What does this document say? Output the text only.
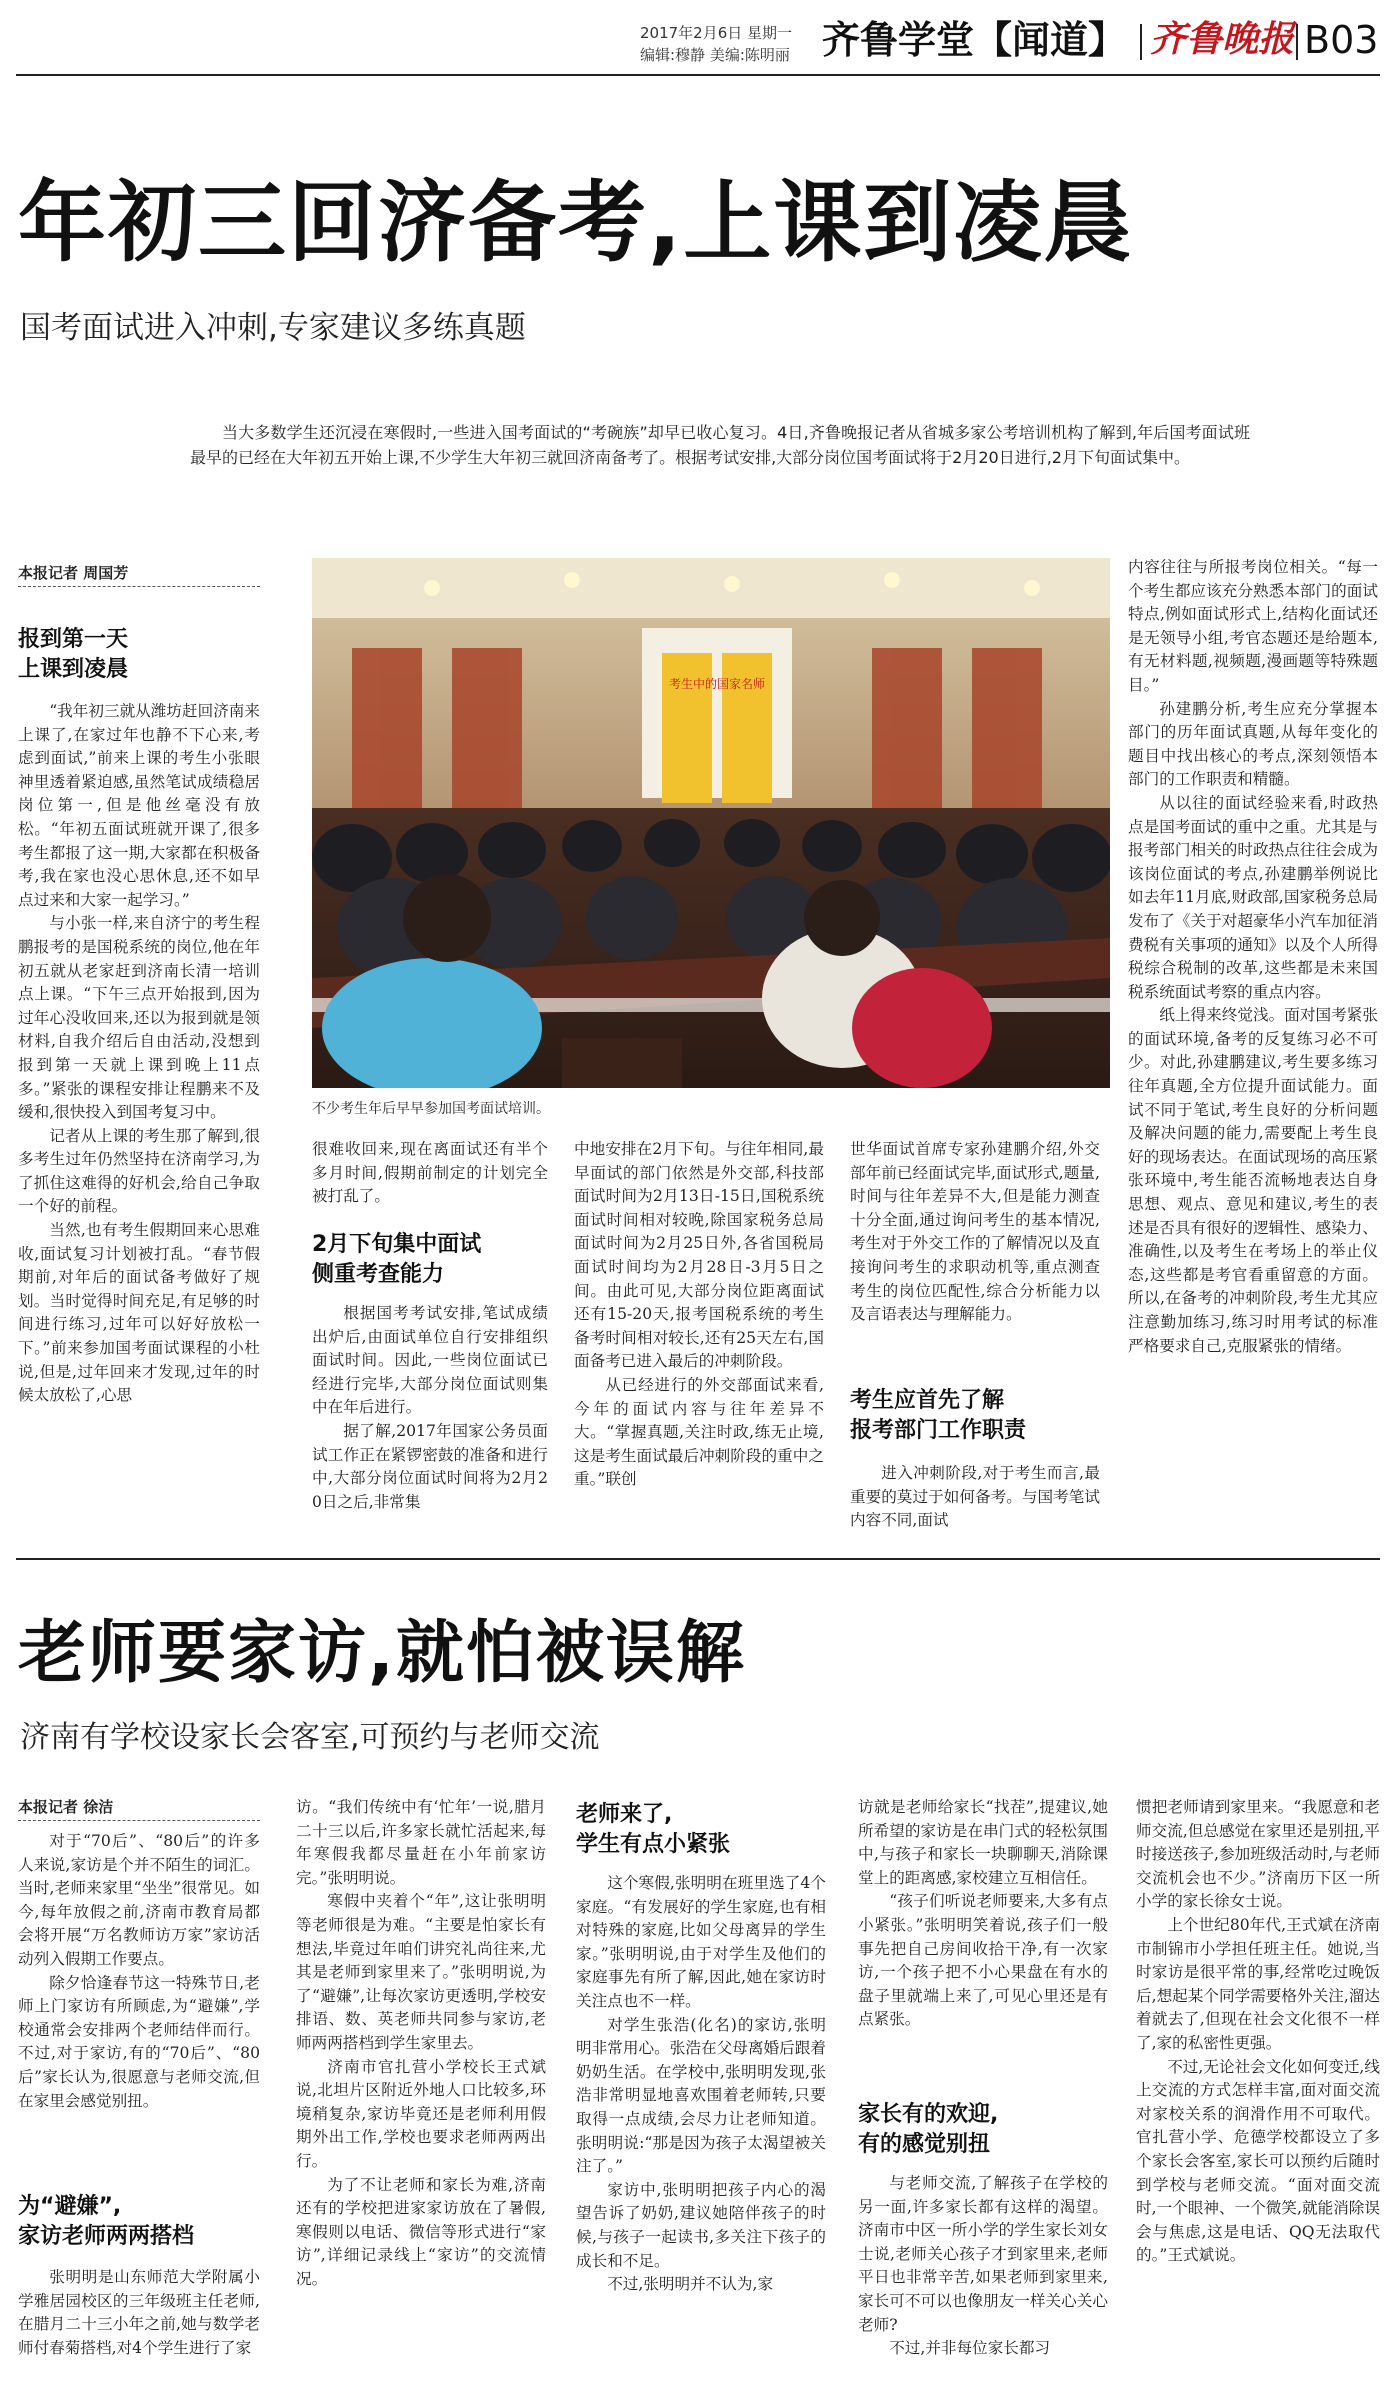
2017年2月6日 星期一
编辑:穆静 美编:陈明丽 齐鲁学堂【闻道】 齐鲁晚报 B03
年初三回济备考,上课到凌晨
国考面试进入冲刺,专家建议多练真题
当大多数学生还沉浸在寒假时,一些进入国考面试的“考碗族”却早已收心复习。4日,齐鲁晚报记者从省城多家公考培训机构了解到,年后国考面试班最早的已经在大年初五开始上课,不少学生大年初三就回济南备考了。根据考试安排,大部分岗位国考面试将于2月20日进行,2月下旬面试集中。
本报记者 周国芳
考生中的国家名师
不少考生年后早早参加国考面试培训。
报到第一天
上课到凌晨

“我年初三就从潍坊赶回济南来上课了,在家过年也静不下心来,考虑到面试,”前来上课的考生小张眼神里透着紧迫感,虽然笔试成绩稳居岗位第一,但是他丝毫没有放松。“年初五面试班就开课了,很多考生都报了这一期,大家都在积极备考,我在家也没心思休息,还不如早点过来和大家一起学习。”

与小张一样,来自济宁的考生程鹏报考的是国税系统的岗位,他在年初五就从老家赶到济南长清一培训点上课。“下午三点开始报到,因为过年心没收回来,还以为报到就是领材料,自我介绍后自由活动,没想到报到第一天就上课到晚上11点多。”紧张的课程安排让程鹏来不及缓和,很快投入到国考复习中。

记者从上课的考生那了解到,很多考生过年仍然坚持在济南学习,为了抓住这难得的好机会,给自己争取一个好的前程。

当然,也有考生假期回来心思难收,面试复习计划被打乱。“春节假期前,对年后的面试备考做好了规划。当时觉得时间充足,有足够的时间进行练习,过年可以好好放松一下。”前来参加国考面试课程的小杜说,但是,过年回来才发现,过年的时候太放松了,心思

很难收回来,现在离面试还有半个多月时间,假期前制定的计划完全被打乱了。

2月下旬集中面试
侧重考查能力

根据国考考试安排,笔试成绩出炉后,由面试单位自行安排组织面试时间。因此,一些岗位面试已经进行完毕,大部分岗位面试则集中在年后进行。

据了解,2017年国家公务员面试工作正在紧锣密鼓的准备和进行中,大部分岗位面试时间将为2月20日之后,非常集

中地安排在2月下旬。与往年相同,最早面试的部门依然是外交部,科技部面试时间为2月13日-15日,国税系统面试时间相对较晚,除国家税务总局面试时间为2月25日外,各省国税局面试时间均为2月28日-3月5日之间。由此可见,大部分岗位距离面试还有15-20天,报考国税系统的考生备考时间相对较长,还有25天左右,国面备考已进入最后的冲刺阶段。

从已经进行的外交部面试来看,今年的面试内容与往年差异不大。“掌握真题,关注时政,练无止境,这是考生面试最后冲刺阶段的重中之重。”联创

世华面试首席专家孙建鹏介绍,外交部年前已经面试完毕,面试形式,题量,时间与往年差异不大,但是能力测查十分全面,通过询问考生的基本情况,考生对于外交工作的了解情况以及直接询问考生的求职动机等,重点测查考生的岗位匹配性,综合分析能力以及言语表达与理解能力。

考生应首先了解
报考部门工作职责

进入冲刺阶段,对于考生而言,最重要的莫过于如何备考。与国考笔试内容不同,面试

内容往往与所报考岗位相关。“每一个考生都应该充分熟悉本部门的面试特点,例如面试形式上,结构化面试还是无领导小组,考官态题还是给题本,有无材料题,视频题,漫画题等特殊题目。”

孙建鹏分析,考生应充分掌握本部门的历年面试真题,从每年变化的题目中找出核心的考点,深刻领悟本部门的工作职责和精髓。

从以往的面试经验来看,时政热点是国考面试的重中之重。尤其是与报考部门相关的时政热点往往会成为该岗位面试的考点,孙建鹏举例说比如去年11月底,财政部,国家税务总局发布了《关于对超豪华小汽车加征消费税有关事项的通知》以及个人所得税综合税制的改革,这些都是未来国税系统面试考察的重点内容。

纸上得来终觉浅。面对国考紧张的面试环境,备考的反复练习必不可少。对此,孙建鹏建议,考生要多练习往年真题,全方位提升面试能力。面试不同于笔试,考生良好的分析问题及解决问题的能力,需要配上考生良好的现场表达。在面试现场的高压紧张环境中,考生能否流畅地表达自身思想、观点、意见和建议,考生的表述是否具有很好的逻辑性、感染力、准确性,以及考生在考场上的举止仪态,这些都是考官看重留意的方面。所以,在备考的冲刺阶段,考生尤其应注意勤加练习,练习时用考试的标准严格要求自己,克服紧张的情绪。

老师要家访,就怕被误解
济南有学校设家长会客室,可预约与老师交流
本报记者 徐洁

对于“70后”、“80后”的许多人来说,家访是个并不陌生的词汇。当时,老师来家里“坐坐”很常见。如今,每年放假之前,济南市教育局都会将开展“万名教师访万家”家访活动列入假期工作要点。

除夕恰逢春节这一特殊节日,老师上门家访有所顾虑,为“避嫌”,学校通常会安排两个老师结伴而行。不过,对于家访,有的“70后”、“80后”家长认为,很愿意与老师交流,但在家里会感觉别扭。

为“避嫌”,
家访老师两两搭档

张明明是山东师范大学附属小学雅居园校区的三年级班主任老师,在腊月二十三小年之前,她与数学老师付春菊搭档,对4个学生进行了家

访。“我们传统中有‘忙年’一说,腊月二十三以后,许多家长就忙活起来,每年寒假我都尽量赶在小年前家访完。”张明明说。

寒假中夹着个“年”,这让张明明等老师很是为难。“主要是怕家长有想法,毕竟过年咱们讲究礼尚往来,尤其是老师到家里来了。”张明明说,为了“避嫌”,让每次家访更透明,学校安排语、数、英老师共同参与家访,老师两两搭档到学生家里去。

济南市官扎营小学校长王式斌说,北坦片区附近外地人口比较多,环境稍复杂,家访毕竟还是老师利用假期外出工作,学校也要求老师两两出行。

为了不让老师和家长为难,济南还有的学校把进家家访放在了暑假,寒假则以电话、微信等形式进行“家访”,详细记录线上“家访”的交流情况。

老师来了,
学生有点小紧张

这个寒假,张明明在班里选了4个家庭。“有发展好的学生家庭,也有相对特殊的家庭,比如父母离异的学生家。”张明明说,由于对学生及他们的家庭事先有所了解,因此,她在家访时关注点也不一样。

对学生张浩(化名)的家访,张明明非常用心。张浩在父母离婚后跟着奶奶生活。在学校中,张明明发现,张浩非常明显地喜欢围着老师转,只要取得一点成绩,会尽力让老师知道。张明明说:“那是因为孩子太渴望被关注了。”

家访中,张明明把孩子内心的渴望告诉了奶奶,建议她陪伴孩子的时候,与孩子一起读书,多关注下孩子的成长和不足。

不过,张明明并不认为,家

访就是老师给家长“找茬”,提建议,她所希望的家访是在串门式的轻松氛围中,与孩子和家长一块聊聊天,消除课堂上的距离感,家校建立互相信任。

“孩子们听说老师要来,大多有点小紧张。”张明明笑着说,孩子们一般事先把自己房间收拾干净,有一次家访,一个孩子把不小心果盘在有水的盘子里就端上来了,可见心里还是有点紧张。

家长有的欢迎,
有的感觉别扭

与老师交流,了解孩子在学校的另一面,许多家长都有这样的渴望。济南市中区一所小学的学生家长刘女士说,老师关心孩子才到家里来,老师平日也非常辛苦,如果老师到家里来,家长可不可以也像朋友一样关心关心老师?

不过,并非每位家长都习

惯把老师请到家里来。“我愿意和老师交流,但总感觉在家里还是别扭,平时接送孩子,参加班级活动时,与老师交流机会也不少。”济南历下区一所小学的家长徐女士说。

上个世纪80年代,王式斌在济南市制锦市小学担任班主任。她说,当时家访是很平常的事,经常吃过晚饭后,想起某个同学需要格外关注,溜达着就去了,但现在社会文化很不一样了,家的私密性更强。

不过,无论社会文化如何变迁,线上交流的方式怎样丰富,面对面交流对家校关系的润滑作用不可取代。官扎营小学、危德学校都设立了多个家长会客室,家长可以预约后随时到学校与老师交流。“面对面交流时,一个眼神、一个微笑,就能消除误会与焦虑,这是电话、QQ无法取代的。”王式斌说。
